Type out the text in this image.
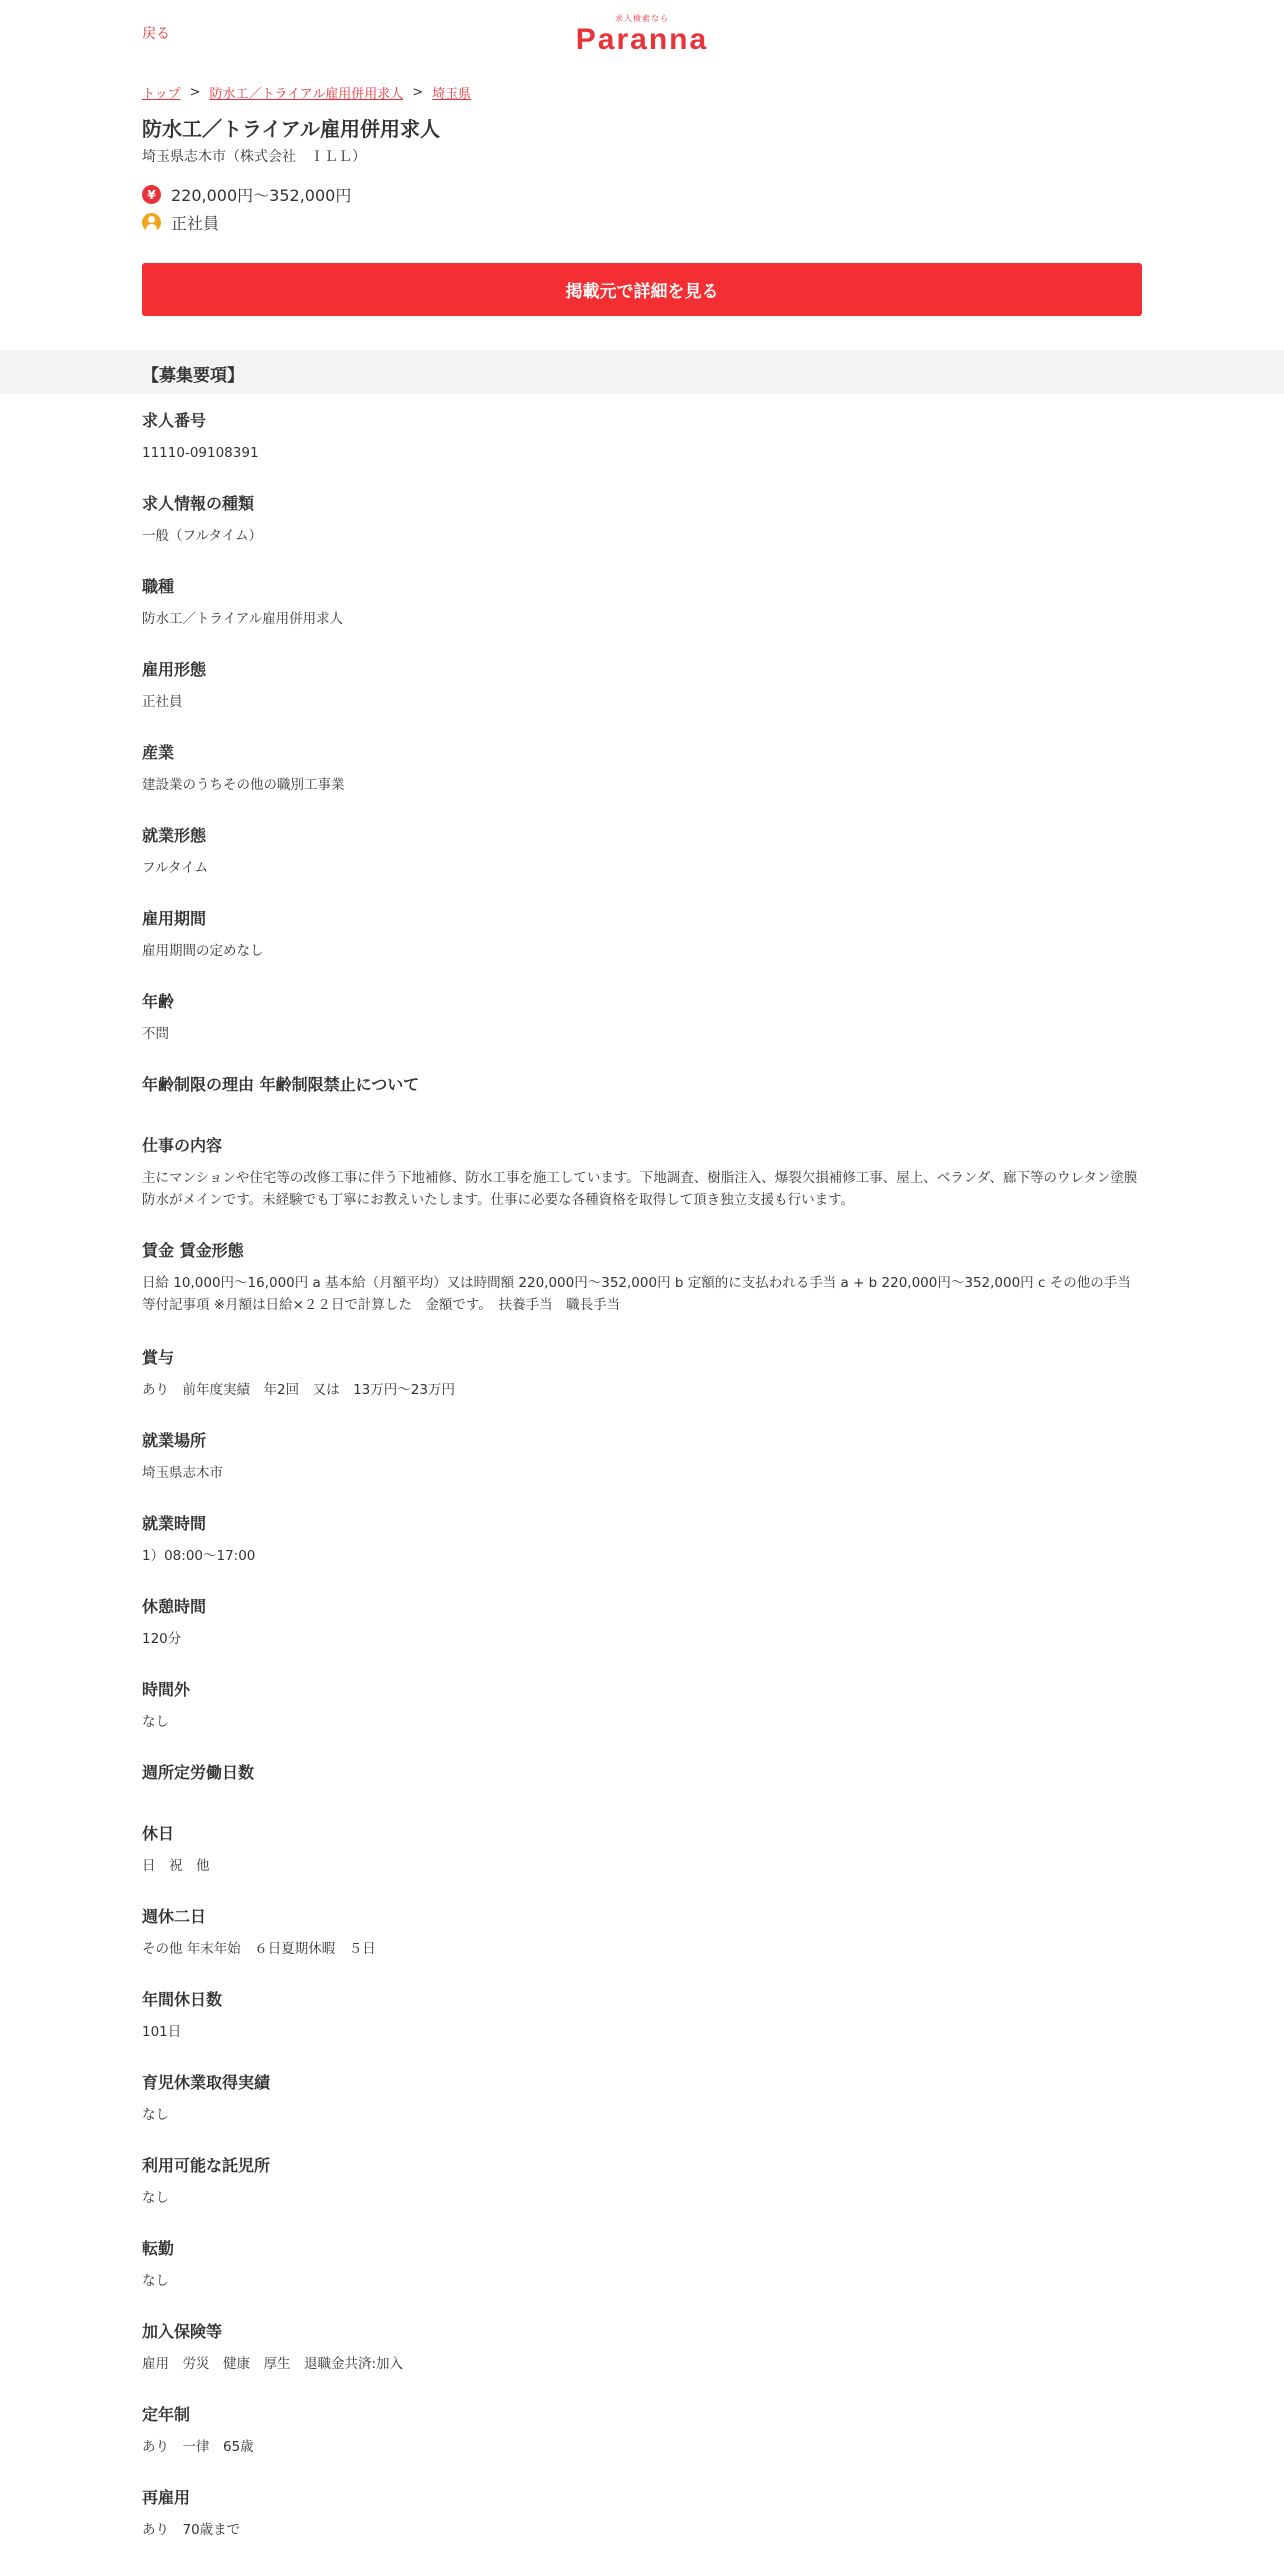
戻る
求人検索なら
Paranna
トップ > 防水工／トライアル雇用併用求人 > 埼玉県
防水工／トライアル雇用併用求人
埼玉県志木市（株式会社　ＩＬＬ）
¥ 220,000円～352,000円
正社員
掲載元で詳細を見る
【募集要項】
求人番号
11110-09108391
求人情報の種類
一般（フルタイム）
職種
防水工／トライアル雇用併用求人
雇用形態
正社員
産業
建設業のうちその他の職別工事業
就業形態
フルタイム
雇用期間
雇用期間の定めなし
年齢
不問
年齢制限の理由 年齢制限禁止について
仕事の内容
主にマンションや住宅等の改修工事に伴う下地補修、防水工事を施工しています。下地調査、樹脂注入、爆裂欠損補修工事、屋上、ベランダ、廊下等のウレタン塗膜防水がメインです。未経験でも丁寧にお教えいたします。仕事に必要な各種資格を取得して頂き独立支援も行います。
賃金 賃金形態
日給 10,000円～16,000円 a 基本給（月額平均）又は時間額 220,000円～352,000円 b 定額的に支払われる手当 a + b 220,000円～352,000円 c その他の手当等付記事項 ※月額は日給×２２日で計算した　金額です。　扶養手当　職長手当
賞与
あり　前年度実績　年2回　又は　13万円～23万円
就業場所
埼玉県志木市
就業時間
1）08:00～17:00
休憩時間
120分
時間外
なし
週所定労働日数
休日
日　祝　他
週休二日
その他 年末年始　６日夏期休暇　５日
年間休日数
101日
育児休業取得実績
なし
利用可能な託児所
なし
転勤
なし
加入保険等
雇用　労災　健康　厚生　退職金共済:加入
定年制
あり　一律　65歳
再雇用
あり　70歳まで
